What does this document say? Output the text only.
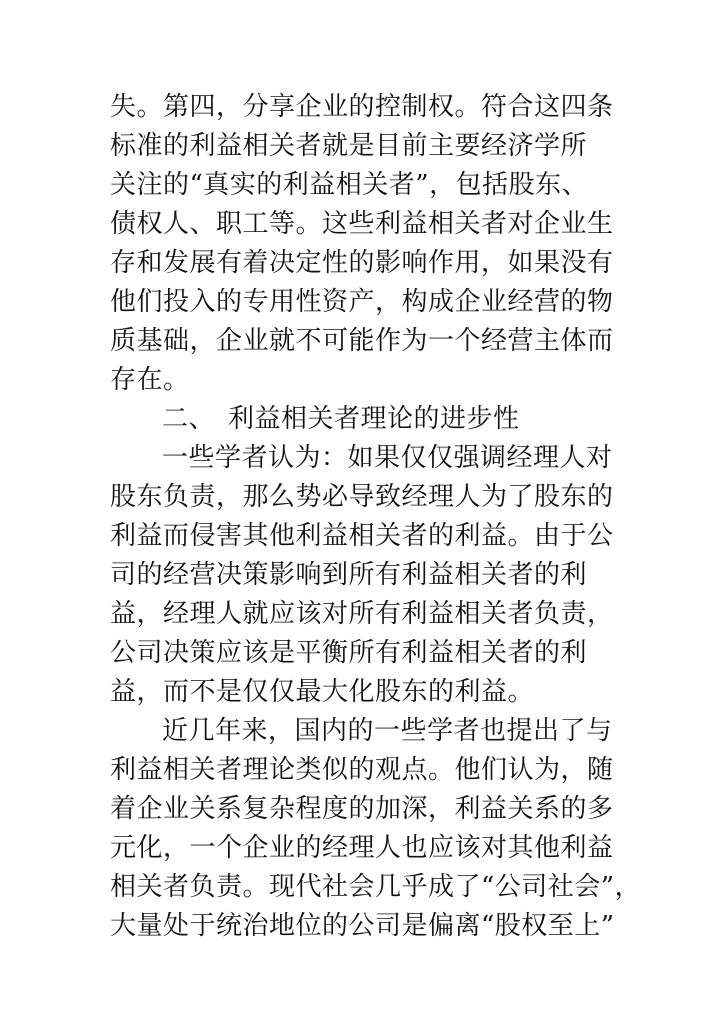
失。第四，分享企业的控制权。符合这四条
标准的利益相关者就是目前主要经济学所
关注的“真实的利益相关者”，包括股东、
债权人、职工等。这些利益相关者对企业生
存和发展有着决定性的影响作用，如果没有
他们投入的专用性资产，构成企业经营的物
质基础，企业就不可能作为一个经营主体而
存在。
二、 利益相关者理论的进步性
一些学者认为：如果仅仅强调经理人对
股东负责，那么势必导致经理人为了股东的
利益而侵害其他利益相关者的利益。由于公
司的经营决策影响到所有利益相关者的利
益，经理人就应该对所有利益相关者负责，
公司决策应该是平衡所有利益相关者的利
益，而不是仅仅最大化股东的利益。
近几年来，国内的一些学者也提出了与
利益相关者理论类似的观点。他们认为，随
着企业关系复杂程度的加深，利益关系的多
元化，一个企业的经理人也应该对其他利益
相关者负责。现代社会几乎成了“公司社会”，
大量处于统治地位的公司是偏离“股权至上”
